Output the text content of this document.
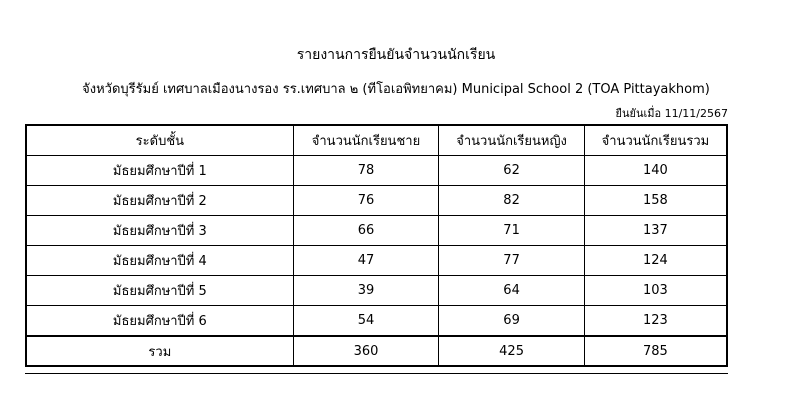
รายงานการยืนยันจำนวนนักเรียน
จังหวัดบุรีรัมย์ เทศบาลเมืองนางรอง รร.เทศบาล ๒ (ทีโอเอพิทยาคม) Municipal School 2 (TOA Pittayakhom)
ยืนยันเมื่อ 11/11/2567
ระดับชั้น	จำนวนนักเรียนชาย	จำนวนนักเรียนหญิง	จำนวนนักเรียนรวม
มัธยมศึกษาปีที่ 1	78	62	140
มัธยมศึกษาปีที่ 2	76	82	158
มัธยมศึกษาปีที่ 3	66	71	137
มัธยมศึกษาปีที่ 4	47	77	124
มัธยมศึกษาปีที่ 5	39	64	103
มัธยมศึกษาปีที่ 6	54	69	123
รวม	360	425	785
